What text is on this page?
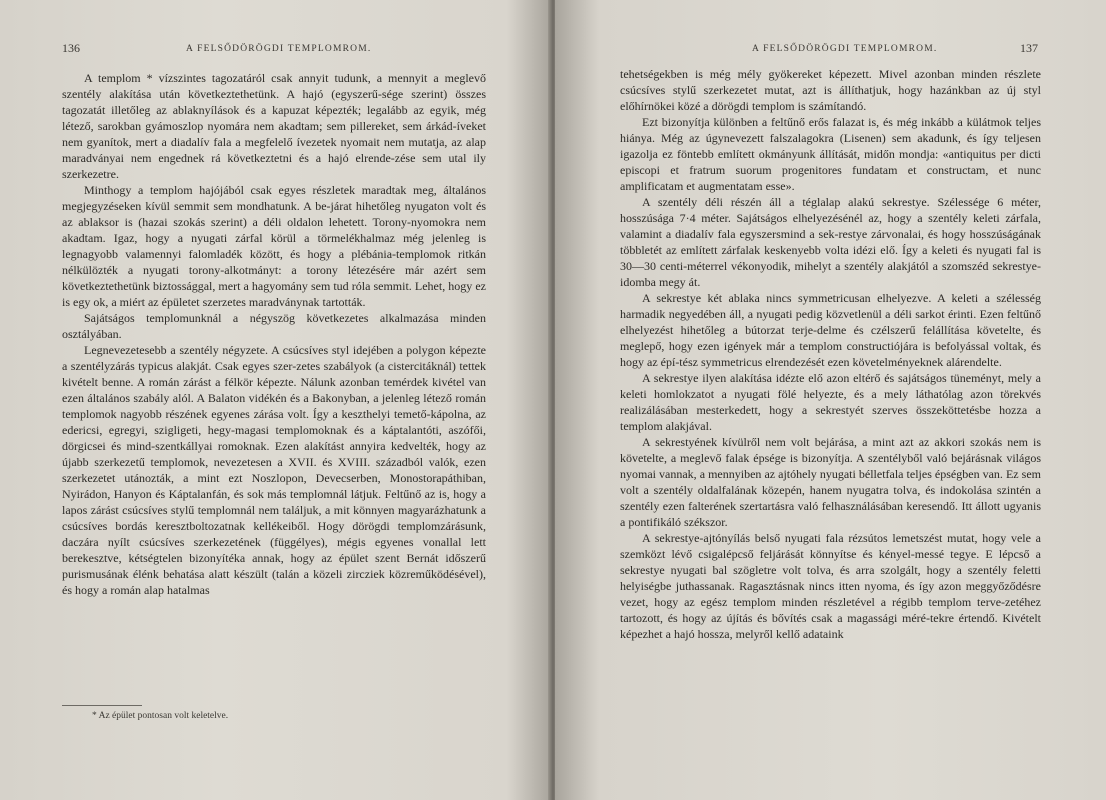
136	A FELSŐDÖRÖGDI TEMPLOMROM.

A templom * vízszintes tagozatáról csak annyit tudunk, a mennyit a meglevő szentély alakítása után következtethetünk. A hajó (egyszerű-sége szerint) összes tagozatát illetőleg az ablaknyílások és a kapuzat képezték; legalább az egyik, még létező, sarokban gyámoszlop nyomára nem akadtam; sem pillereket, sem árkád-íveket nem gyanítok, mert a diadalív fala a megfelelő ívezetek nyomait nem mutatja, az alap maradványai nem engednek rá következtetni és a hajó elrende-zése sem utal ily szerkezetre.

Minthogy a templom hajójából csak egyes részletek maradtak meg, általános megjegyzéseken kívül semmit sem mondhatunk. A be-járat hihetőleg nyugaton volt és az ablaksor is (hazai szokás szerint) a déli oldalon lehetett. Torony-nyomokra nem akadtam. Igaz, hogy a nyugati zárfal körül a törmelékhalmaz még jelenleg is legnagyobb valamennyi falomladék között, és hogy a plébánia-templomok ritkán nélkülözték a nyugati torony-alkotmányt: a torony létezésére már azért sem következtethetünk biztossággal, mert a hagyomány sem tud róla semmit. Lehet, hogy ez is egy ok, a miért az épületet szerzetes maradványnak tartották.

Sajátságos templomunknál a négyszög következetes alkalmazása minden osztályában.

Legnevezetesebb a szentély négyzete. A csúcsíves styl idejében a polygon képezte a szentélyzárás typicus alakját. Csak egyes szer-zetes szabályok (a cistercitáknál) tettek kivételt benne. A román zárást a félkör képezte. Nálunk azonban temérdek kivétel van ezen általános szabály alól. A Balaton vidékén és a Bakonyban, a jelenleg létező román templomok nagyobb részének egyenes zárása volt. Így a keszthelyi temető-kápolna, az edericsi, egregyi, szigligeti, hegy-magasi templomoknak és a káptalantóti, aszófői, dörgicsei és mind-szentkállyai romoknak. Ezen alakítást annyira kedvelték, hogy az újabb szerkezetű templomok, nevezetesen a XVII. és XVIII. századból valók, ezen szerkezetet utánozták, a mint ezt Noszlopon, Devecserben, Monostorapáthiban, Nyirádon, Hanyon és Káptalanfán, és sok más templomnál látjuk. Feltűnő az is, hogy a lapos zárást csúcsíves stylű templomnál nem találjuk, a mit könnyen magyarázhatunk a csúcsíves bordás keresztboltozatnak kellékeiből. Hogy dörögdi templomzárásunk, daczára nyílt csúcsíves szerkezetének (függélyes), mégis egyenes vonallal lett berekesztve, kétségtelen bizonyítéka annak, hogy az épület szent Bernát időszerű purismusának élénk behatása alatt készült (talán a közeli zircziek közreműködésével), és hogy a román alap hatalmas

* Az épület pontosan volt keletelve.
A FELSŐDÖRÖGDI TEMPLOMROM.	137

tehetségekben is még mély gyökereket képezett. Mivel azonban minden részlete csúcsíves stylű szerkezetet mutat, azt is állíthatjuk, hogy hazánkban az új styl előhírnökei közé a dörögdi templom is számítandó.

Ezt bizonyítja különben a feltűnő erős falazat is, és még inkább a külátmok teljes hiánya. Még az úgynevezett falszalagokra (Lisenen) sem akadunk, és így teljesen igazolja ez föntebb említett okmányunk állítását, midőn mondja: «antiquitus per dicti episcopi et fratrum suorum progenitores fundatam et constructam, et nunc amplificatam et augmentatam esse».

A szentély déli részén áll a téglalap alakú sekrestye. Szélessége 6 méter, hosszúsága 7·4 méter. Sajátságos elhelyezésénél az, hogy a szentély keleti zárfala, valamint a diadalív fala egyszersmind a sek-restye zárvonalai, és hogy hosszúságának többletét az említett zárfalak keskenyebb volta idézi elő. Így a keleti és nyugati fal is 30—30 centi-méterrel vékonyodik, mihelyt a szentély alakjától a szomszéd sekrestye-idomba megy át.

A sekrestye két ablaka nincs symmetricusan elhelyezve. A keleti a szélesség harmadik negyedében áll, a nyugati pedig közvetlenül a déli sarkot érinti. Ezen feltűnő elhelyezést hihetőleg a bútorzat terje-delme és czélszerű felállítása követelte, és meglepő, hogy ezen igények már a templom constructiójára is befolyással voltak, és hogy az épí-tész symmetricus elrendezését ezen követelményeknek alárendelte.

A sekrestye ilyen alakítása idézte elő azon eltérő és sajátságos tüneményt, mely a keleti homlokzatot a nyugati fölé helyezte, és a mely láthatólag azon törekvés realizálásában mesterkedett, hogy a sekrestyét szerves összeköttetésbe hozza a templom alakjával.

A sekrestyének kívülről nem volt bejárása, a mint azt az akkori szokás nem is követelte, a meglevő falak épsége is bizonyítja. A szentélyből való bejárásnak világos nyomai vannak, a mennyiben az ajtóhely nyugati bélletfala teljes épségben van. Ez sem volt a szentély oldalfalának közepén, hanem nyugatra tolva, és indokolása szintén a szentély ezen falterének szertartásra való felhasználásában keresendő. Itt állott ugyanis a pontifikáló székszor.

A sekrestye-ajtónyílás belső nyugati fala rézsútos lemetszést mutat, hogy vele a szemközt lévő csigalépcső feljárását könnyítse és kényel-messé tegye. E lépcső a sekrestye nyugati bal szögletre volt tolva, és arra szolgált, hogy a szentély feletti helyiségbe juthassanak. Ragasztásnak nincs itten nyoma, és így azon meggyőződésre vezet, hogy az egész templom minden részletével a régibb templom terve-zetéhez tartozott, és hogy az újítás és bővítés csak a magassági méré-tekre értendő. Kivételt képezhet a hajó hossza, melyről kellő adataink
